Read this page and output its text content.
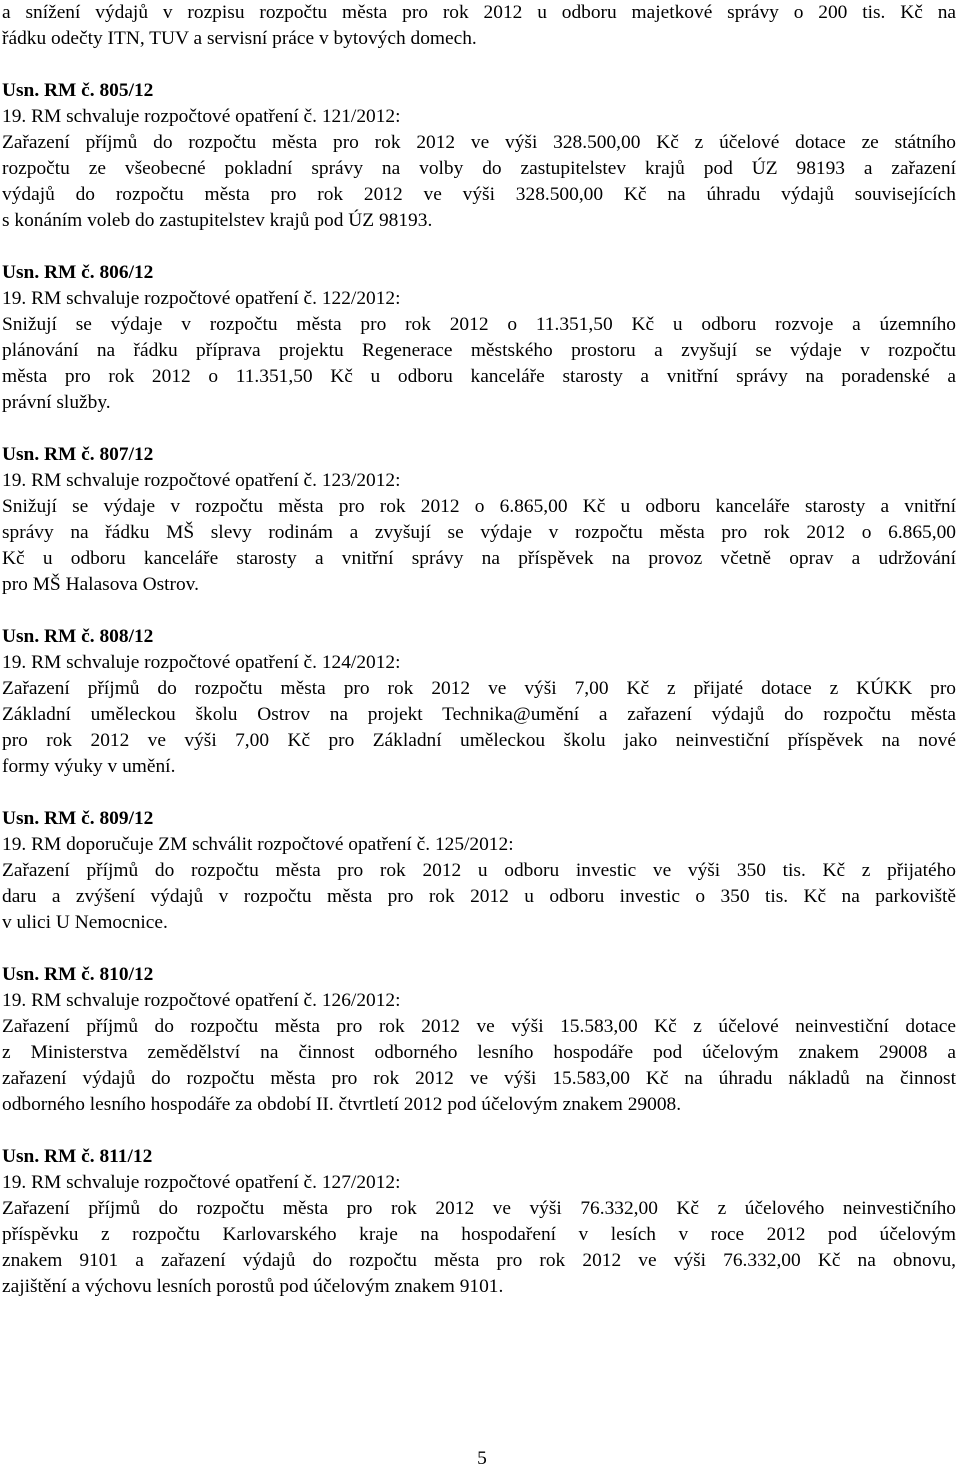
a snížení výdajů v rozpisu rozpočtu města pro rok 2012 u odboru majetkové správy o 200 tis. Kč na
řádku odečty ITN, TUV a servisní práce v bytových domech.
Usn. RM č. 805/12
19. RM schvaluje rozpočtové opatření č. 121/2012:
Zařazení příjmů do rozpočtu města pro rok 2012 ve výši 328.500,00 Kč z účelové dotace ze státního
rozpočtu ze všeobecné pokladní správy na volby do zastupitelstev krajů pod ÚZ 98193 a zařazení
výdajů do rozpočtu města pro rok 2012 ve výši 328.500,00 Kč na úhradu výdajů souvisejících
s konáním voleb do zastupitelstev krajů pod ÚZ 98193.
Usn. RM č. 806/12
19. RM schvaluje rozpočtové opatření č. 122/2012:
Snižují se výdaje v rozpočtu města pro rok 2012 o 11.351,50 Kč u odboru rozvoje a územního
plánování na řádku příprava projektu Regenerace městského prostoru a zvyšují se výdaje v rozpočtu
města pro rok 2012 o 11.351,50 Kč u odboru kanceláře starosty a vnitřní správy na poradenské a
právní služby.
Usn. RM č. 807/12
19. RM schvaluje rozpočtové opatření č. 123/2012:
Snižují se výdaje v rozpočtu města pro rok 2012 o 6.865,00 Kč u odboru kanceláře starosty a vnitřní
správy na řádku MŠ slevy rodinám a zvyšují se výdaje v rozpočtu města pro rok 2012 o 6.865,00
Kč u odboru kanceláře starosty a vnitřní správy na příspěvek na provoz včetně oprav a udržování
pro MŠ Halasova Ostrov.
Usn. RM č. 808/12
19. RM schvaluje rozpočtové opatření č. 124/2012:
Zařazení příjmů do rozpočtu města pro rok 2012 ve výši 7,00 Kč z přijaté dotace z KÚKK pro
Základní uměleckou školu Ostrov na projekt Technika@umění a zařazení výdajů do rozpočtu města
pro rok 2012 ve výši 7,00 Kč pro Základní uměleckou školu jako neinvestiční příspěvek na nové
formy výuky v umění.
Usn. RM č. 809/12
19. RM doporučuje ZM schválit rozpočtové opatření č. 125/2012:
Zařazení příjmů do rozpočtu města pro rok 2012 u odboru investic ve výši 350 tis. Kč z přijatého
daru a zvýšení výdajů v rozpočtu města pro rok 2012 u odboru investic o 350 tis. Kč na parkoviště
v ulici U Nemocnice.
Usn. RM č. 810/12
19. RM schvaluje rozpočtové opatření č. 126/2012:
Zařazení příjmů do rozpočtu města pro rok 2012 ve výši 15.583,00 Kč z účelové neinvestiční dotace
z Ministerstva zemědělství na činnost odborného lesního hospodáře pod účelovým znakem 29008 a
zařazení výdajů do rozpočtu města pro rok 2012 ve výši 15.583,00 Kč na úhradu nákladů na činnost
odborného lesního hospodáře za období II. čtvrtletí 2012 pod účelovým znakem 29008.
Usn. RM č. 811/12
19. RM schvaluje rozpočtové opatření č. 127/2012:
Zařazení příjmů do rozpočtu města pro rok 2012 ve výši 76.332,00 Kč z účelového neinvestičního
příspěvku z rozpočtu Karlovarského kraje na hospodaření v lesích v roce 2012 pod účelovým
znakem 9101 a zařazení výdajů do rozpočtu města pro rok 2012 ve výši 76.332,00 Kč na obnovu,
zajištění a výchovu lesních porostů pod účelovým znakem 9101.
5
